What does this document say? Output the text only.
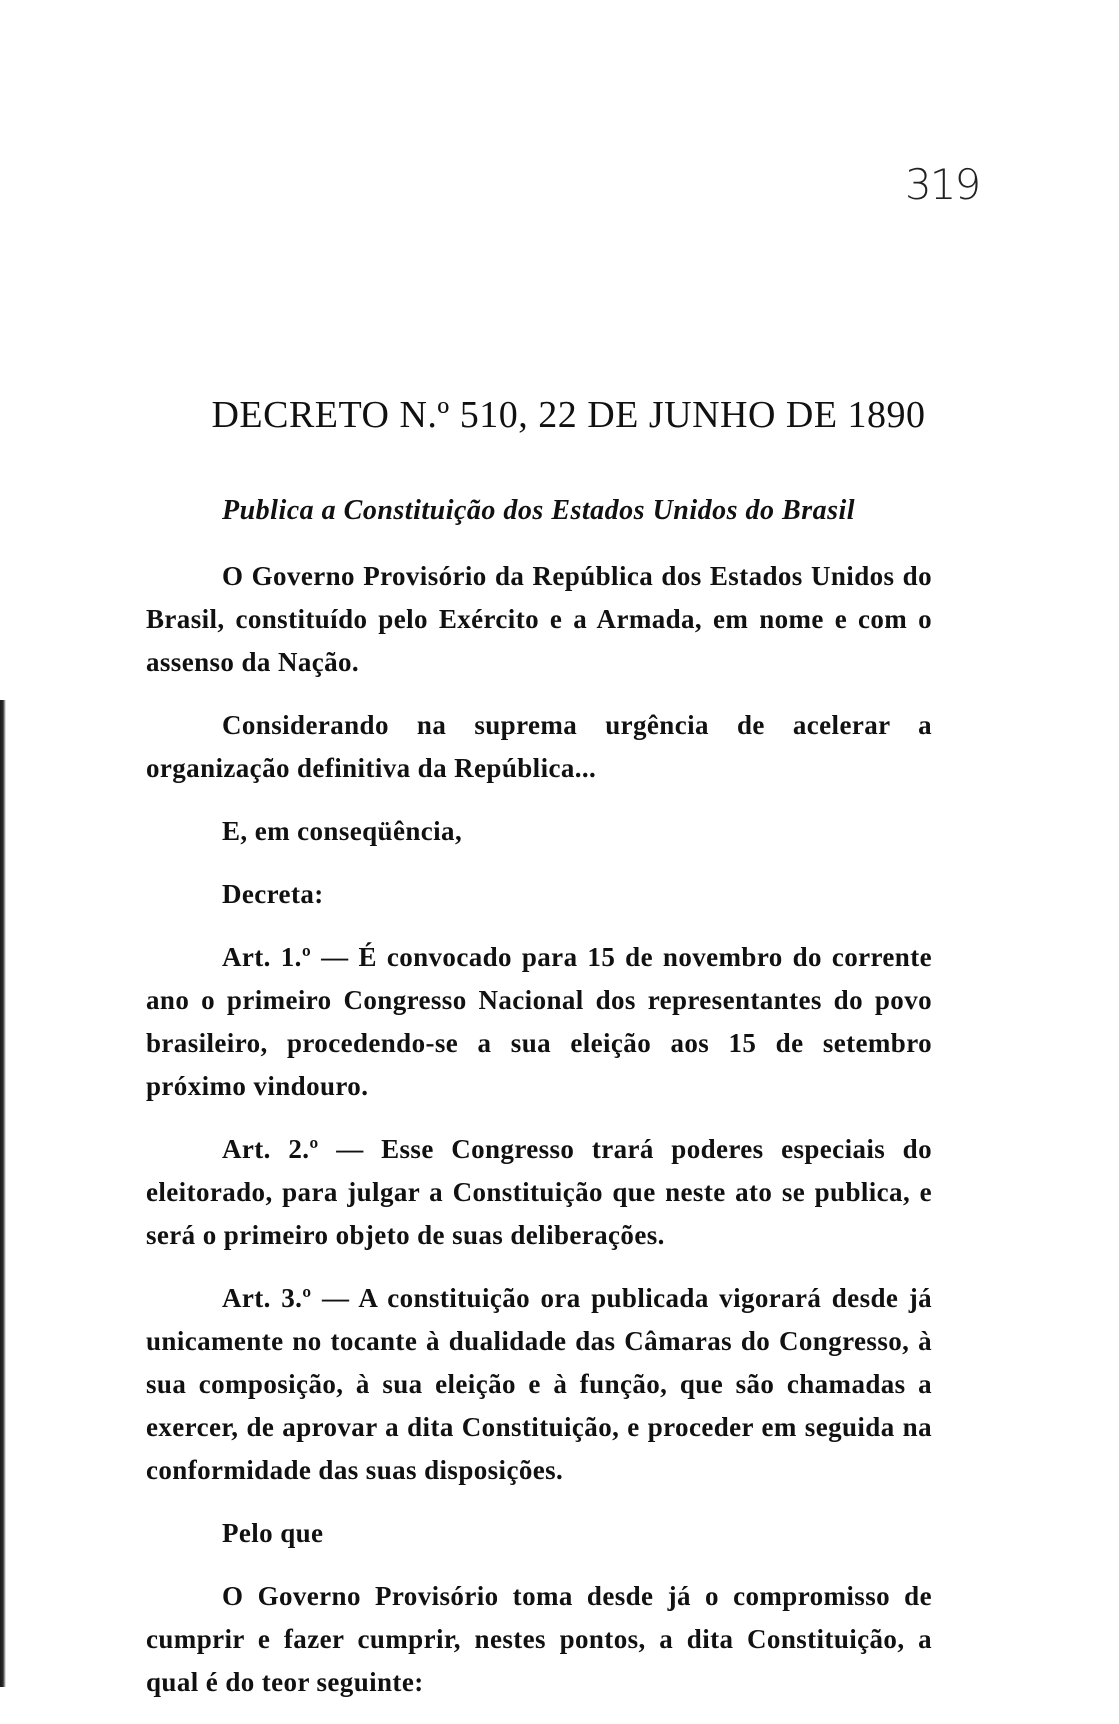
319
DECRETO N.º 510, 22 DE JUNHO DE 1890
Publica a Constituição dos Estados Unidos do Brasil

O Governo Provisório da República dos Estados Unidos do Brasil, constituído pelo Exército e a Armada, em nome e com o assenso da Nação.

Considerando na suprema urgência de acelerar a organização definitiva da República...

E, em conseqüência,

Decreta:

Art. 1.º — É convocado para 15 de novembro do corrente ano o primeiro Congresso Nacional dos representantes do povo brasileiro, procedendo-se a sua eleição aos 15 de setembro próximo vindouro.

Art. 2.º — Esse Congresso trará poderes especiais do eleitorado, para julgar a Constituição que neste ato se publica, e será o primeiro objeto de suas deliberações.

Art. 3.º — A constituição ora publicada vigorará desde já unicamente no tocante à dualidade das Câmaras do Congresso, à sua composição, à sua eleição e à função, que são chamadas a exercer, de aprovar a dita Constituição, e proceder em seguida na conformidade das suas disposições.

Pelo que

O Governo Provisório toma desde já o compromisso de cumprir e fazer cumprir, nestes pontos, a dita Constituição, a qual é do teor seguinte:
